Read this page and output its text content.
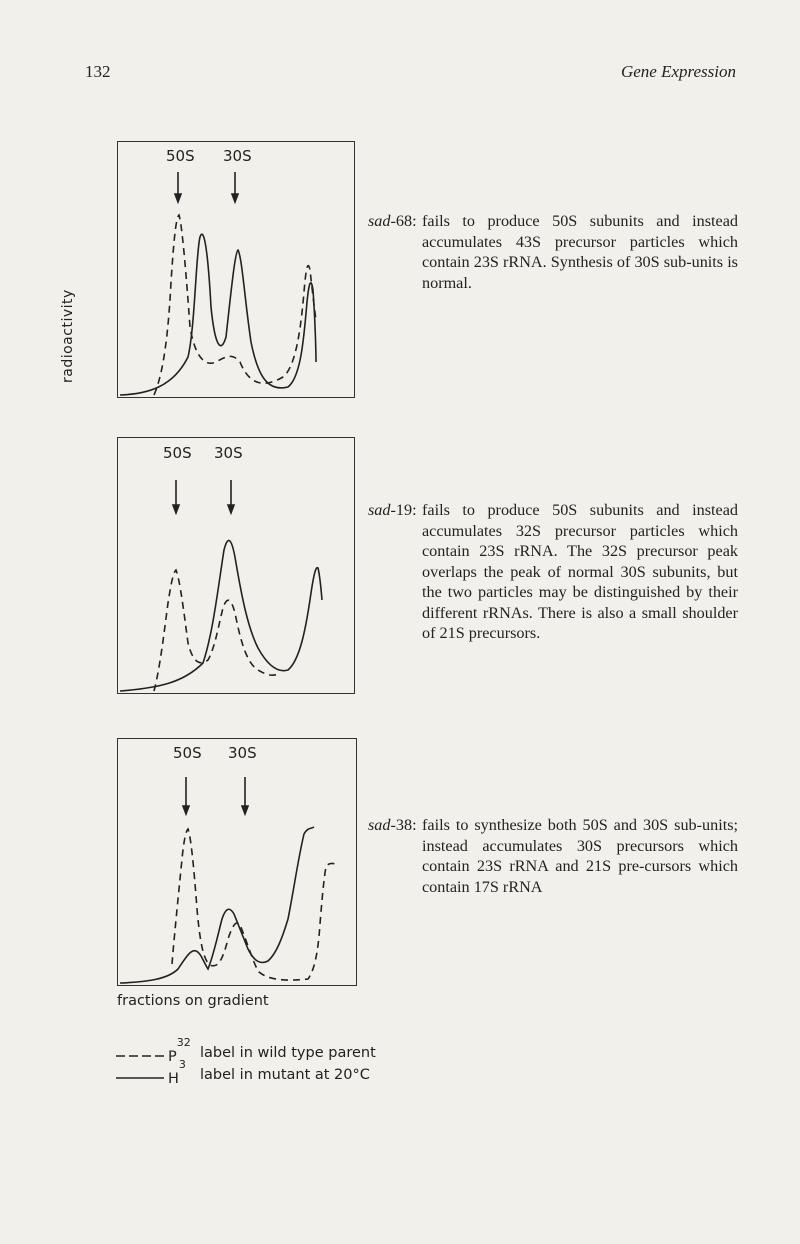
132	Gene Expression
radioactivity
50S 30S
50S 30S
50S 30S
sad-68: fails to produce 50S subunits and instead accumulates 43S precursor particles which contain 23S rRNA. Synthesis of 30S sub-units is normal.
sad-19: fails to produce 50S subunits and instead accumulates 32S precursor particles which contain 23S rRNA. The 32S precursor peak overlaps the peak of normal 30S subunits, but the two particles may be distinguished by their different rRNAs. There is also a small shoulder of 21S precursors.
sad-38: fails to synthesize both 50S and 30S sub-units; instead accumulates 30S precursors which contain 23S rRNA and 21S pre-cursors which contain 17S rRNA
fractions on gradient
$P^{32}$
label in wild type parent
$H^3$
label in mutant at 20°C
